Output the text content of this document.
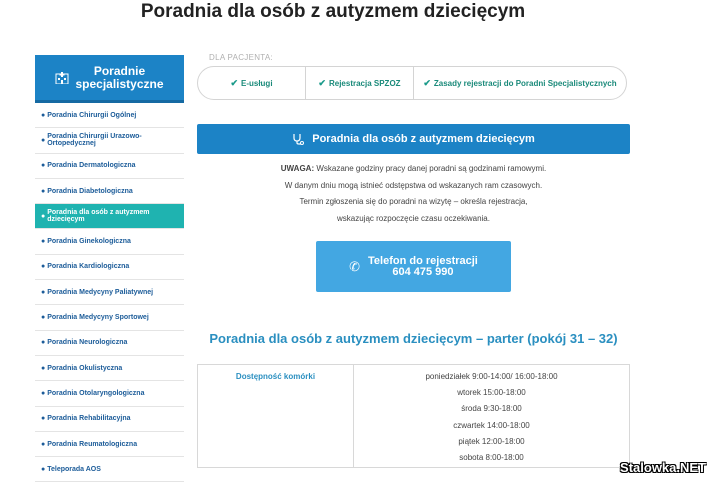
Poradnia dla osób z autyzmem dziecięcym
Poradnie
specjalistyczne
● Poradnia Chirurgii Ogólnej
● Poradnia Chirurgii Urazowo-Ortopedycznej
● Poradnia Dermatologiczna
● Poradnia Diabetologiczna
● Poradnia dla osób z autyzmem dziecięcym
● Poradnia Ginekologiczna
● Poradnia Kardiologiczna
● Poradnia Medycyny Paliatywnej
● Poradnia Medycyny Sportowej
● Poradnia Neurologiczna
● Poradnia Okulistyczna
● Poradnia Otolaryngologiczna
● Poradnia Rehabilitacyjna
● Poradnia Reumatologiczna
● Teleporada AOS
DLA PACJENTA:
✔ E-usługi	✔ Rejestracja SPZOZ	✔ Zasady rejestracji do Poradni Specjalistycznych
Poradnia dla osób z autyzmem dziecięcym
UWAGA: Wskazane godziny pracy danej poradni są godzinami ramowymi.
W danym dniu mogą istnieć odstępstwa od wskazanych ram czasowych.
Termin zgłoszenia się do poradni na wizytę – określa rejestracja,
wskazując rozpoczęcie czasu oczekiwania.
✆ Telefon do rejestracji
604 475 990
Poradnia dla osób z autyzmem dziecięcym – parter (pokój 31 – 32)
Dostępność komórki	poniedziałek 9:00-14:00/ 16:00-18:00
wtorek 15:00-18:00
środa 9:30-18:00
czwartek 14:00-18:00
piątek 12:00-18:00
sobota 8:00-18:00
Stalowka.NET
